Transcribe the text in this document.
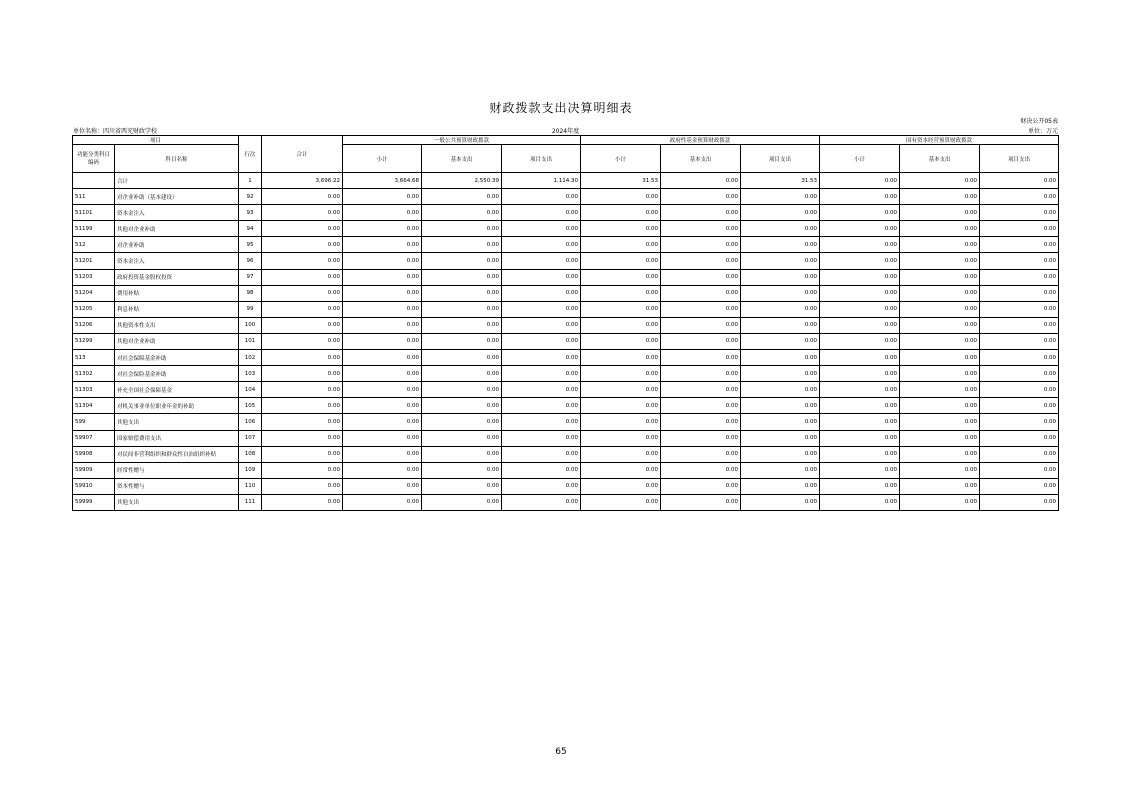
财政拨款支出决算明细表
财决公开05表
单位名称：四川省西充财政学校	2024年度	单位：万元
项目		行次	合计	一般公共预算财政拨款			政府性基金预算财政拨款			国有资本经营预算财政拨款		
功能分类科目编码	科目名称			小计	基本支出	项目支出	小计	基本支出	项目支出	小计	基本支出	项目支出
	合计	1	3,696.22	3,664.68	2,550.39	1,114.30	31.53	0.00	31.53	0.00	0.00	0.00
511	对企业补助（基本建设）	92	0.00	0.00	0.00	0.00	0.00	0.00	0.00	0.00	0.00	0.00
51101	资本金注入	93	0.00	0.00	0.00	0.00	0.00	0.00	0.00	0.00	0.00	0.00
51199	其他对企业补助	94	0.00	0.00	0.00	0.00	0.00	0.00	0.00	0.00	0.00	0.00
512	对企业补助	95	0.00	0.00	0.00	0.00	0.00	0.00	0.00	0.00	0.00	0.00
51201	资本金注入	96	0.00	0.00	0.00	0.00	0.00	0.00	0.00	0.00	0.00	0.00
51203	政府投资基金股权投资	97	0.00	0.00	0.00	0.00	0.00	0.00	0.00	0.00	0.00	0.00
51204	费用补贴	98	0.00	0.00	0.00	0.00	0.00	0.00	0.00	0.00	0.00	0.00
51205	利息补贴	99	0.00	0.00	0.00	0.00	0.00	0.00	0.00	0.00	0.00	0.00
51206	其他资本性支出	100	0.00	0.00	0.00	0.00	0.00	0.00	0.00	0.00	0.00	0.00
51299	其他对企业补助	101	0.00	0.00	0.00	0.00	0.00	0.00	0.00	0.00	0.00	0.00
513	对社会保障基金补助	102	0.00	0.00	0.00	0.00	0.00	0.00	0.00	0.00	0.00	0.00
51302	对社会保险基金补助	103	0.00	0.00	0.00	0.00	0.00	0.00	0.00	0.00	0.00	0.00
51303	补充全国社会保障基金	104	0.00	0.00	0.00	0.00	0.00	0.00	0.00	0.00	0.00	0.00
51304	对机关事业单位职业年金的补助	105	0.00	0.00	0.00	0.00	0.00	0.00	0.00	0.00	0.00	0.00
599	其他支出	106	0.00	0.00	0.00	0.00	0.00	0.00	0.00	0.00	0.00	0.00
59907	国家赔偿费用支出	107	0.00	0.00	0.00	0.00	0.00	0.00	0.00	0.00	0.00	0.00
59908	对民间非营利组织和群众性自治组织补贴	108	0.00	0.00	0.00	0.00	0.00	0.00	0.00	0.00	0.00	0.00
59909	经常性赠与	109	0.00	0.00	0.00	0.00	0.00	0.00	0.00	0.00	0.00	0.00
59910	资本性赠与	110	0.00	0.00	0.00	0.00	0.00	0.00	0.00	0.00	0.00	0.00
59999	其他支出	111	0.00	0.00	0.00	0.00	0.00	0.00	0.00	0.00	0.00	0.00
65
